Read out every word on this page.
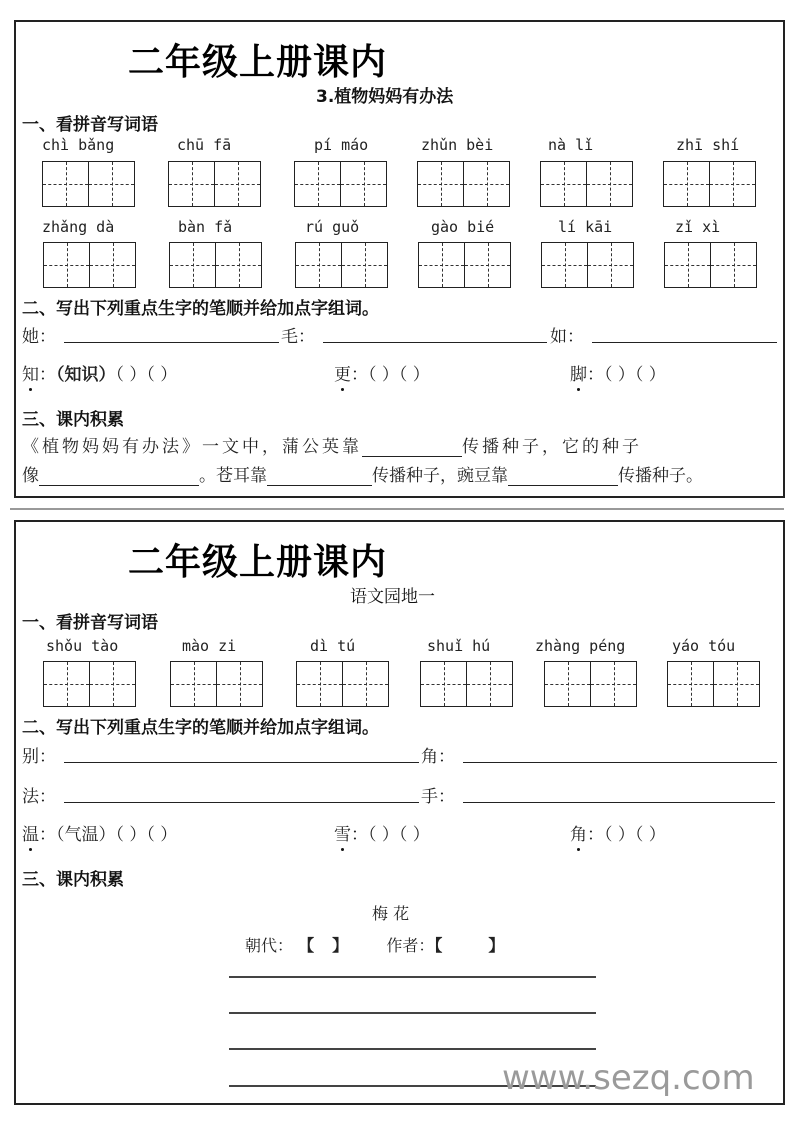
二年级上册课内
3.植物妈妈有办法
一、看拼音写词语
chì bǎng	chū fā	pí máo	zhǔn bèi	nà lǐ	zhī shí
zhǎng dà	bàn fǎ	rú guǒ	gào bié	lí kāi	zǐ xì
二、写出下列重点生字的笔顺并给加点字组词。
她：	毛：	如：
知：（知识）（ ）（ ）	更：（ ）（ ）	脚：（ ）（ ）
三、课内积累
《植物妈妈有办法》一文中，蒲公英靠	传播种子，它的种子
像	。苍耳靠	传播种子，豌豆靠	传播种子。
二年级上册课内
语文园地一
一、看拼音写词语
shǒu tào	mào zi	dì tú	shuǐ hú	zhàng péng	yáo tóu
二、写出下列重点生字的笔顺并给加点字组词。
别：	角：
法：	手：
温：（气温）（ ）（ ）	雪：（ ）（ ）	角：（ ）（ ）
三、课内积累
梅 花
朝代： 【 】 作者：【	】
www.sezq.com
